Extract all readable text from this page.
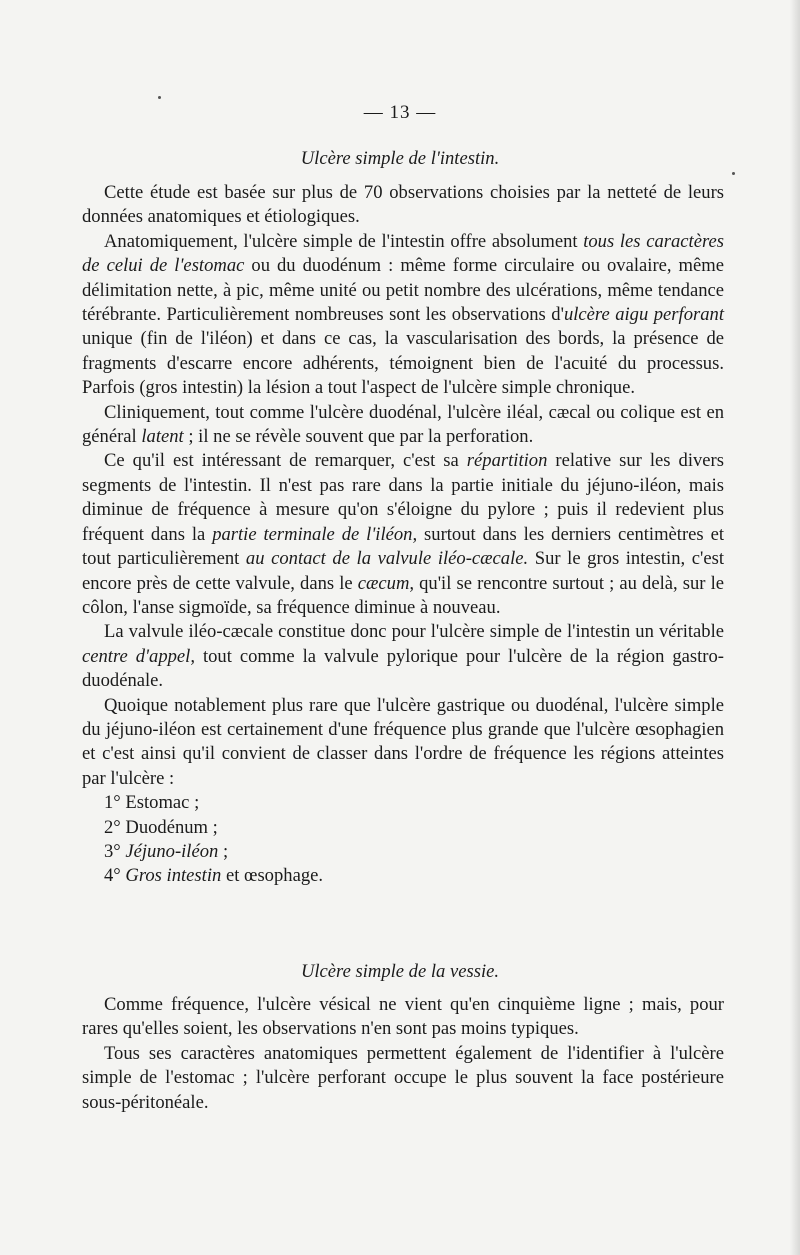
— 13 —
Ulcère simple de l'intestin.

Cette étude est basée sur plus de 70 observations choisies par la netteté de leurs données anatomiques et étiologiques.

Anatomiquement, l'ulcère simple de l'intestin offre absolument tous les caractères de celui de l'estomac ou du duodénum : même forme circulaire ou ovalaire, même délimitation nette, à pic, même unité ou petit nombre des ulcérations, même tendance térébrante. Particulièrement nombreuses sont les observations d'ulcère aigu perforant unique (fin de l'iléon) et dans ce cas, la vascularisation des bords, la présence de fragments d'escarre encore adhérents, témoignent bien de l'acuité du processus. Parfois (gros intestin) la lésion a tout l'aspect de l'ulcère simple chronique.

Cliniquement, tout comme l'ulcère duodénal, l'ulcère iléal, cæcal ou colique est en général latent ; il ne se révèle souvent que par la perforation.

Ce qu'il est intéressant de remarquer, c'est sa répartition relative sur les divers segments de l'intestin. Il n'est pas rare dans la partie initiale du jéjuno-iléon, mais diminue de fréquence à mesure qu'on s'éloigne du pylore ; puis il redevient plus fréquent dans la partie terminale de l'iléon, surtout dans les derniers centimètres et tout particulièrement au contact de la valvule iléo-cæcale. Sur le gros intestin, c'est encore près de cette valvule, dans le cæcum, qu'il se rencontre surtout ; au delà, sur le côlon, l'anse sigmoïde, sa fréquence diminue à nouveau.

La valvule iléo-cæcale constitue donc pour l'ulcère simple de l'intestin un véritable centre d'appel, tout comme la valvule pylorique pour l'ulcère de la région gastro-duodénale.

Quoique notablement plus rare que l'ulcère gastrique ou duodénal, l'ulcère simple du jéjuno-iléon est certainement d'une fréquence plus grande que l'ulcère œsophagien et c'est ainsi qu'il convient de classer dans l'ordre de fréquence les régions atteintes par l'ulcère :

1° Estomac ;
2° Duodénum ;
3° Jéjuno-iléon ;
4° Gros intestin et œsophage.
Ulcère simple de la vessie.

Comme fréquence, l'ulcère vésical ne vient qu'en cinquième ligne ; mais, pour rares qu'elles soient, les observations n'en sont pas moins typiques.

Tous ses caractères anatomiques permettent également de l'identifier à l'ulcère simple de l'estomac ; l'ulcère perforant occupe le plus souvent la face postérieure sous-péritonéale.
